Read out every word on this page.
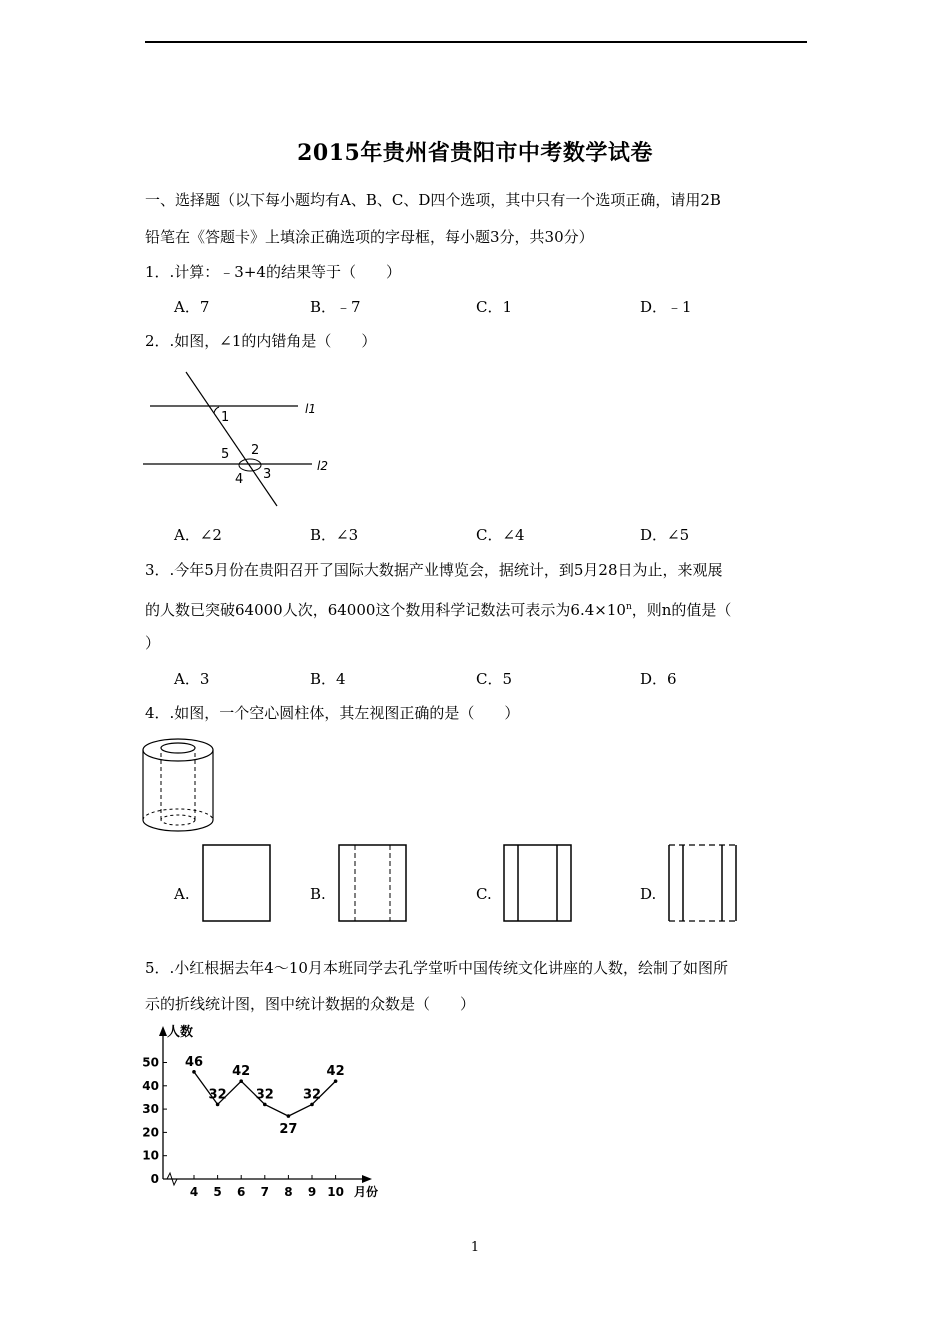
2015年贵州省贵阳市中考数学试卷
一、选择题（以下每小题均有A、B、C、D四个选项，其中只有一个选项正确，请用2B
铅笔在《答题卡》上填涂正确选项的字母框，每小题3分，共30分）
1．.计算：﹣3+4的结果等于（　　）
A．7	B．﹣7	C．1	D．﹣1
2．.如图，∠1的内错角是（　　）
1
2
3
4
5
l1
l2
A．∠2	B．∠3	C．∠4	D．∠5
3．.今年5月份在贵阳召开了国际大数据产业博览会，据统计，到5月28日为止，来观展
的人数已突破64000人次，64000这个数用科学记数法可表示为$6.4\times 10^n$，则n的值是（
）
A．3	B．4	C．5	D．6
4．.如图，一个空心圆柱体，其左视图正确的是（　　）
A.	B.	C.	D.
5．.小红根据去年4～10月本班同学去孔学堂听中国传统文化讲座的人数，绘制了如图所
示的折线统计图，图中统计数据的众数是（　　）
人数
月份
0
10
20
30
40
50
4 5 6 7 8 9 10
46
32
42
32
27
32
42
1
